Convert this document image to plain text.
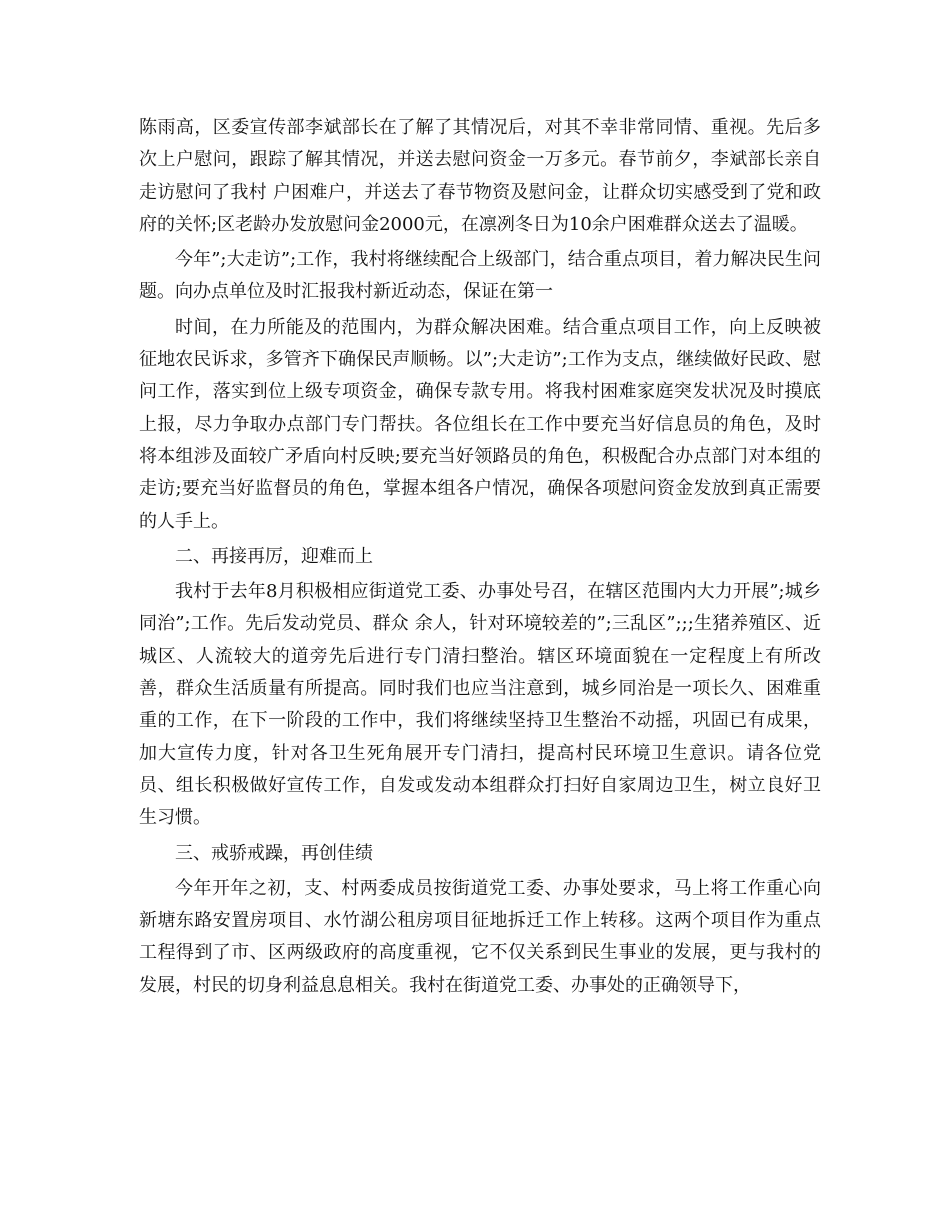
陈雨高，区委宣传部李斌部长在了解了其情况后，对其不幸非常同情、重视。先后多次上户慰问，跟踪了解其情况，并送去慰问资金一万多元。春节前夕，李斌部长亲自走访慰问了我村 户困难户，并送去了春节物资及慰问金，让群众切实感受到了党和政府的关怀;区老龄办发放慰问金2000元，在凛冽冬日为10余户困难群众送去了温暖。

今年”;大走访”;工作，我村将继续配合上级部门，结合重点项目，着力解决民生问题。向办点单位及时汇报我村新近动态，保证在第一

时间，在力所能及的范围内，为群众解决困难。结合重点项目工作，向上反映被征地农民诉求，多管齐下确保民声顺畅。以”;大走访”;工作为支点，继续做好民政、慰问工作，落实到位上级专项资金，确保专款专用。将我村困难家庭突发状况及时摸底上报，尽力争取办点部门专门帮扶。各位组长在工作中要充当好信息员的角色，及时将本组涉及面较广矛盾向村反映;要充当好领路员的角色，积极配合办点部门对本组的走访;要充当好监督员的角色，掌握本组各户情况，确保各项慰问资金发放到真正需要的人手上。

二、再接再厉，迎难而上

我村于去年8月积极相应街道党工委、办事处号召，在辖区范围内大力开展”;城乡同治”;工作。先后发动党员、群众 余人，针对环境较差的”;三乱区”;;;生猪养殖区、近城区、人流较大的道旁先后进行专门清扫整治。辖区环境面貌在一定程度上有所改善，群众生活质量有所提高。同时我们也应当注意到，城乡同治是一项长久、困难重重的工作，在下一阶段的工作中，我们将继续坚持卫生整治不动摇，巩固已有成果，加大宣传力度，针对各卫生死角展开专门清扫，提高村民环境卫生意识。请各位党员、组长积极做好宣传工作，自发或发动本组群众打扫好自家周边卫生，树立良好卫生习惯。

三、戒骄戒躁，再创佳绩

今年开年之初，支、村两委成员按街道党工委、办事处要求，马上将工作重心向新塘东路安置房项目、水竹湖公租房项目征地拆迁工作上转移。这两个项目作为重点工程得到了市、区两级政府的高度重视，它不仅关系到民生事业的发展，更与我村的发展，村民的切身利益息息相关。我村在街道党工委、办事处的正确领导下，
